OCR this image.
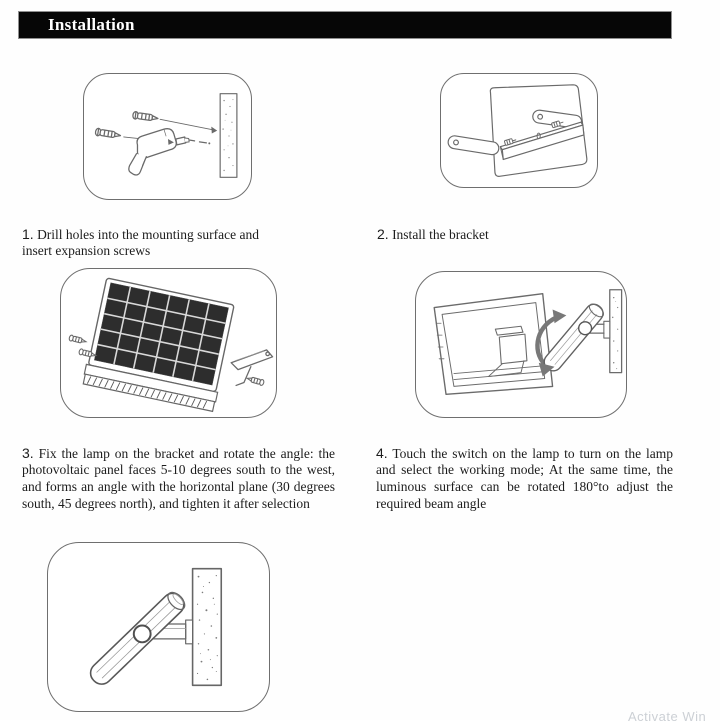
Installation

1. Drill holes into the mounting surface and insert expansion screws

2. Install the bracket

3. Fix the lamp on the bracket and rotate the angle: the photovoltaic panel faces 5-10 degrees south to the west, and forms an angle with the horizontal plane (30 degrees south, 45 degrees north), and tighten it after selection

4. Touch the switch on the lamp to turn on the lamp and select the working mode; At the same time, the luminous surface can be rotated 180°to adjust the required beam angle

Activate Win
